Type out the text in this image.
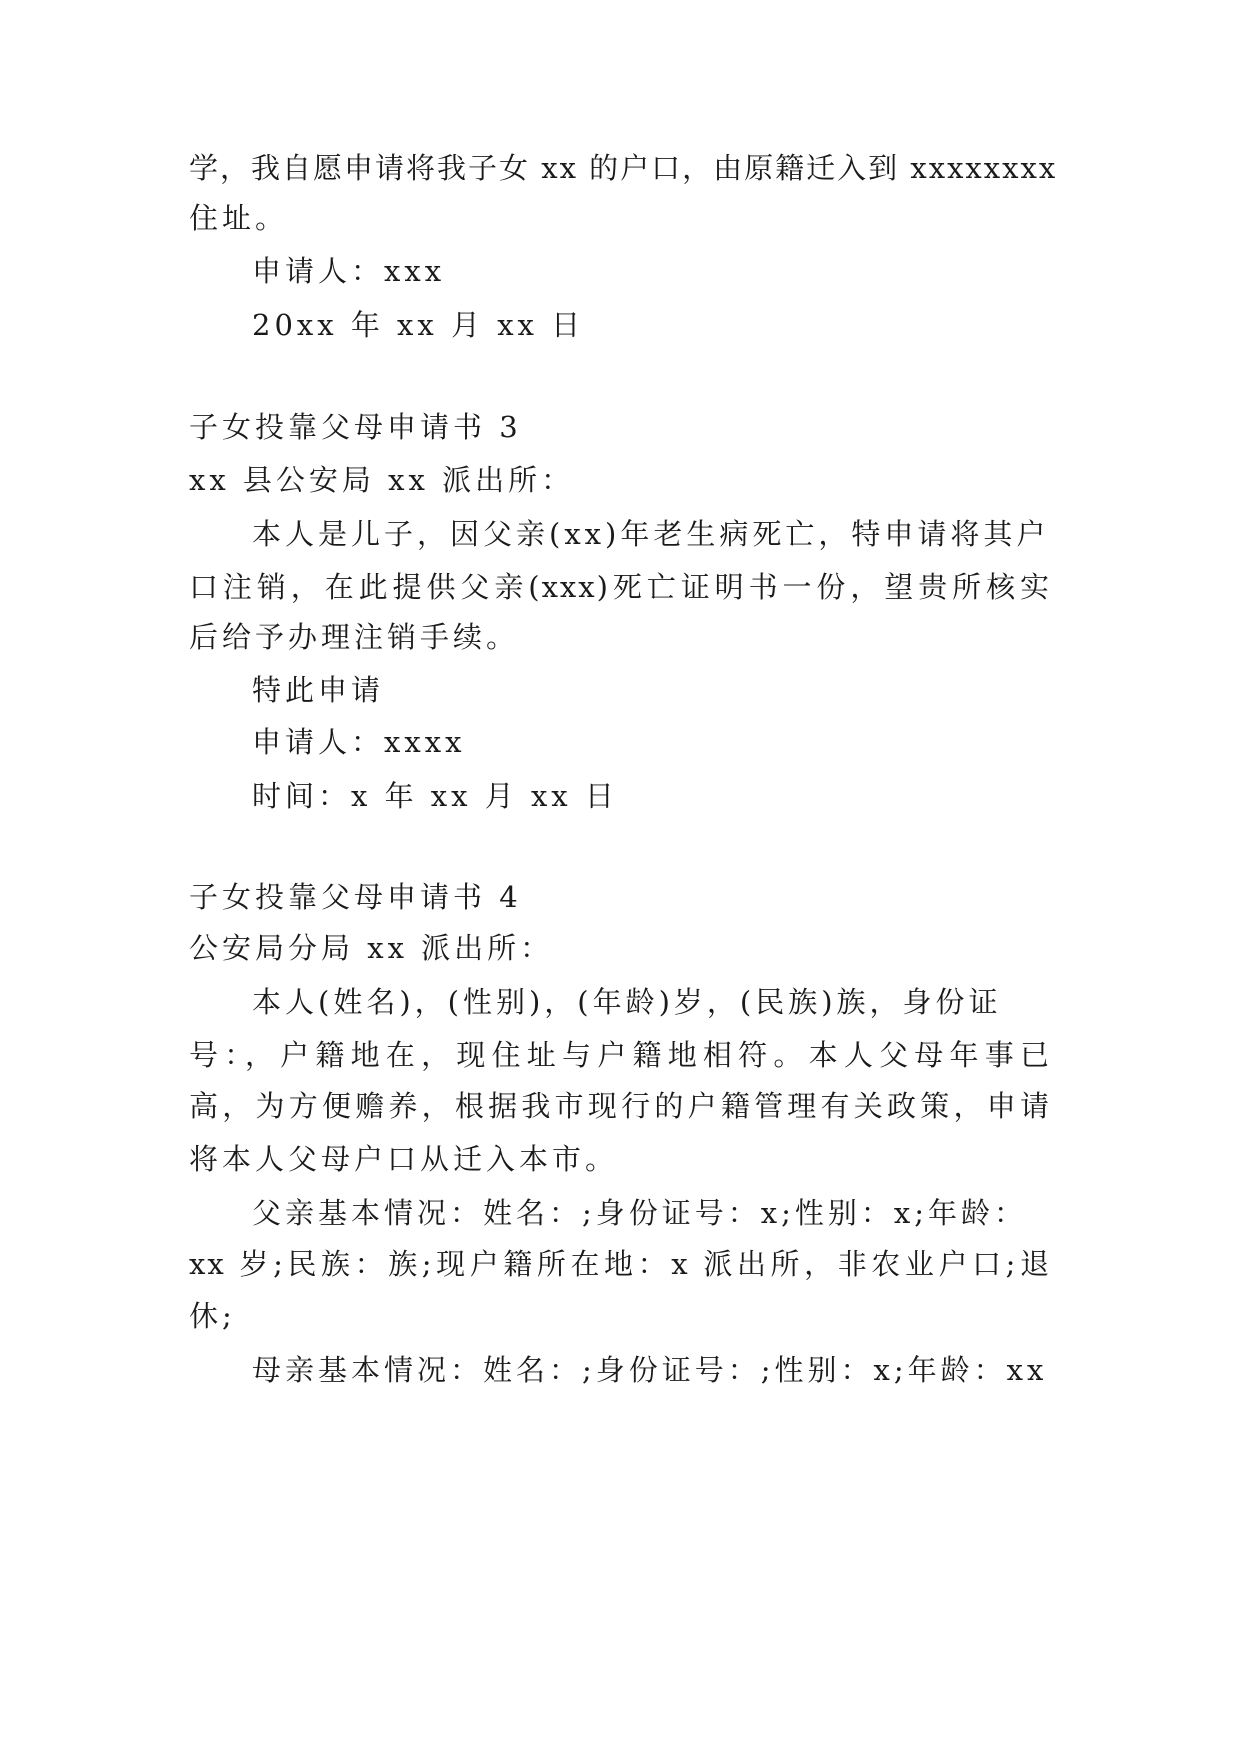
学，我自愿申请将我子女 xx 的户口，由原籍迁入到 xxxxxxxx

住址。

申请人：xxx

20xx 年 xx 月 xx 日

子女投靠父母申请书 3

xx 县公安局 xx 派出所：

本人是儿子，因父亲(xx)年老生病死亡，特申请将其户

口注销，在此提供父亲(xxx)死亡证明书一份，望贵所核实

后给予办理注销手续。

特此申请

申请人：xxxx

时间：x 年 xx 月 xx 日

子女投靠父母申请书 4

公安局分局 xx 派出所：

本人(姓名)，(性别)，(年龄)岁，(民族)族，身份证

号：，户籍地在，现住址与户籍地相符。本人父母年事已

高，为方便赡养，根据我市现行的户籍管理有关政策，申请

将本人父母户口从迁入本市。

父亲基本情况：姓名：;身份证号：x;性别：x;年龄：

xx 岁;民族：族;现户籍所在地：x 派出所，非农业户口;退

休;

母亲基本情况：姓名：;身份证号：;性别：x;年龄：xx
